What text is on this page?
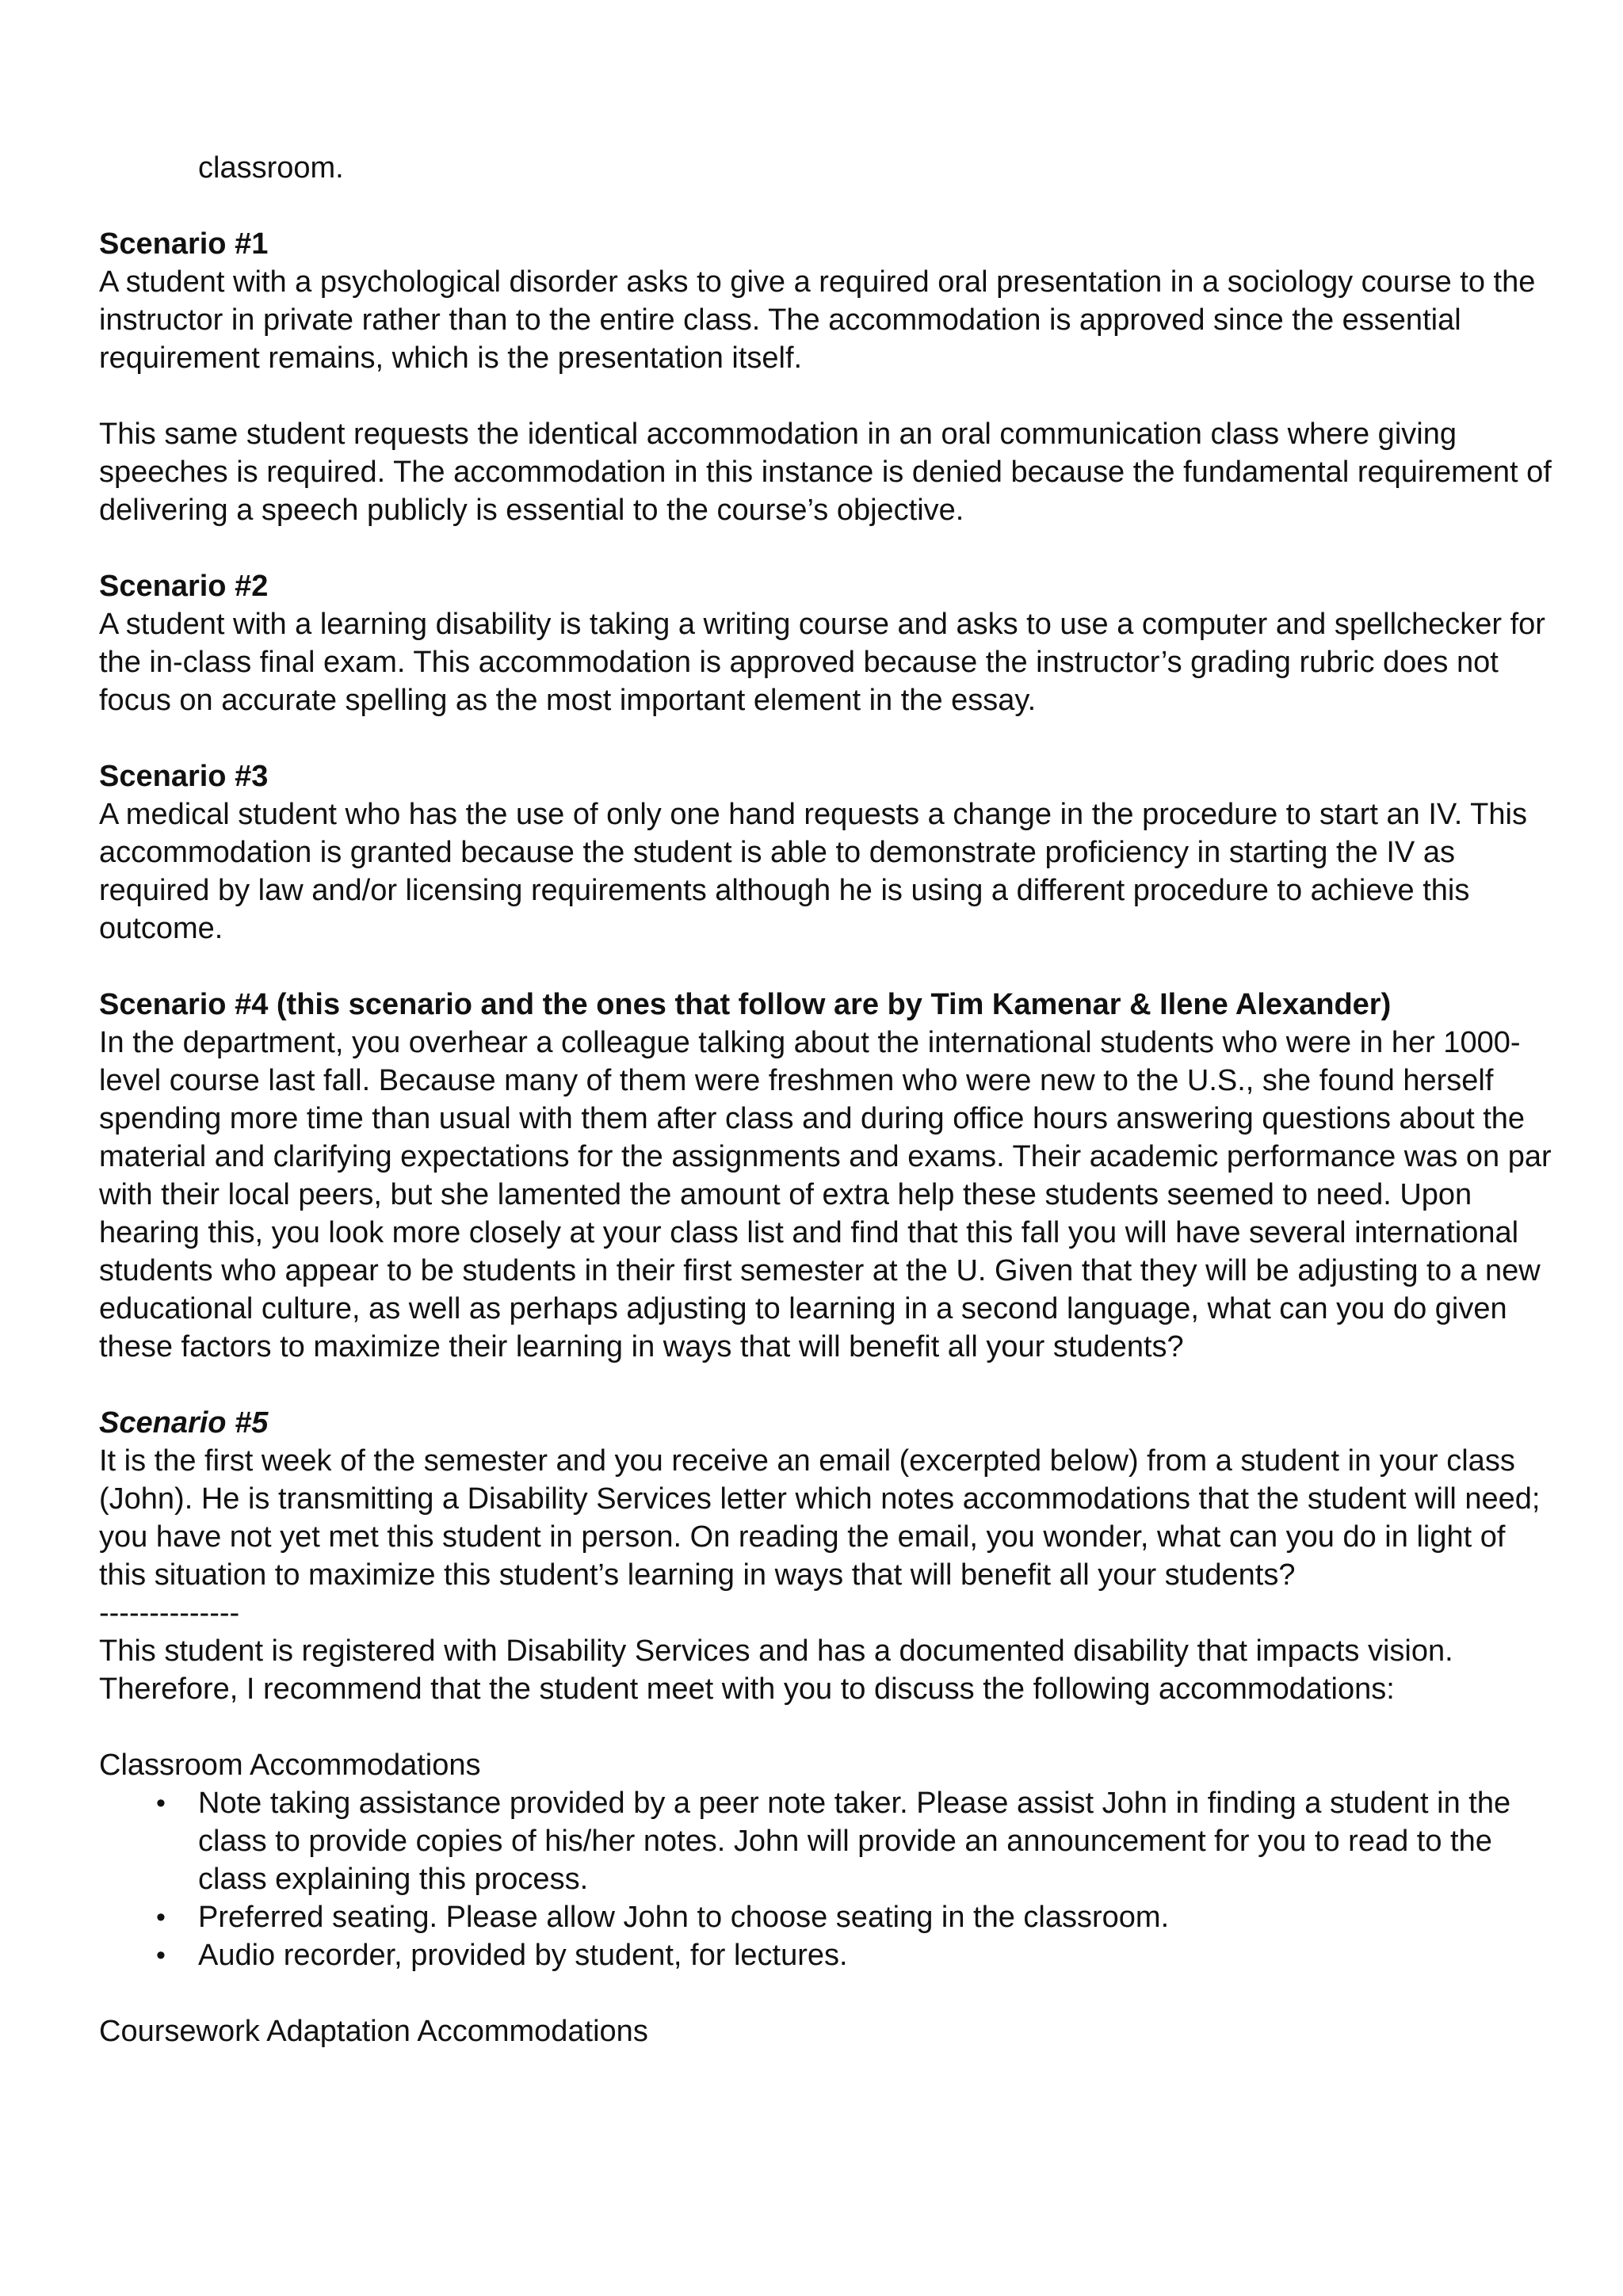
classroom.

Scenario #1

A student with a psychological disorder asks to give a required oral presentation in a sociology course to the instructor in private rather than to the entire class. The accommodation is approved since the essential requirement remains, which is the presentation itself.

This same student requests the identical accommodation in an oral communication class where giving speeches is required. The accommodation in this instance is denied because the fundamental requirement of delivering a speech publicly is essential to the course’s objective.

Scenario #2

A student with a learning disability is taking a writing course and asks to use a computer and spellchecker for the in-class final exam. This accommodation is approved because the instructor’s grading rubric does not focus on accurate spelling as the most important element in the essay.

Scenario #3

A medical student who has the use of only one hand requests a change in the procedure to start an IV. This accommodation is granted because the student is able to demonstrate proficiency in starting the IV as required by law and/or licensing requirements although he is using a different procedure to achieve this outcome.

Scenario #4 (this scenario and the ones that follow are by Tim Kamenar & Ilene Alexander)

In the department, you overhear a colleague talking about the international students who were in her 1000-level course last fall. Because many of them were freshmen who were new to the U.S., she found herself spending more time than usual with them after class and during office hours answering questions about the material and clarifying expectations for the assignments and exams. Their academic performance was on par with their local peers, but she lamented the amount of extra help these students seemed to need. Upon hearing this, you look more closely at your class list and find that this fall you will have several international students who appear to be students in their first semester at the U. Given that they will be adjusting to a new educational culture, as well as perhaps adjusting to learning in a second language, what can you do given these factors to maximize their learning in ways that will benefit all your students?

Scenario #5

It is the first week of the semester and you receive an email (excerpted below) from a student in your class (John). He is transmitting a Disability Services letter which notes accommodations that the student will need; you have not yet met this student in person. On reading the email, you wonder, what can you do in light of this situation to maximize this student’s learning in ways that will benefit all your students?

--------------

This student is registered with Disability Services and has a documented disability that impacts vision. Therefore, I recommend that the student meet with you to discuss the following accommodations:

Classroom Accommodations

• Note taking assistance provided by a peer note taker. Please assist John in finding a student in the class to provide copies of his/her notes. John will provide an announcement for you to read to the class explaining this process.
• Preferred seating. Please allow John to choose seating in the classroom.
• Audio recorder, provided by student, for lectures.

Coursework Adaptation Accommodations
